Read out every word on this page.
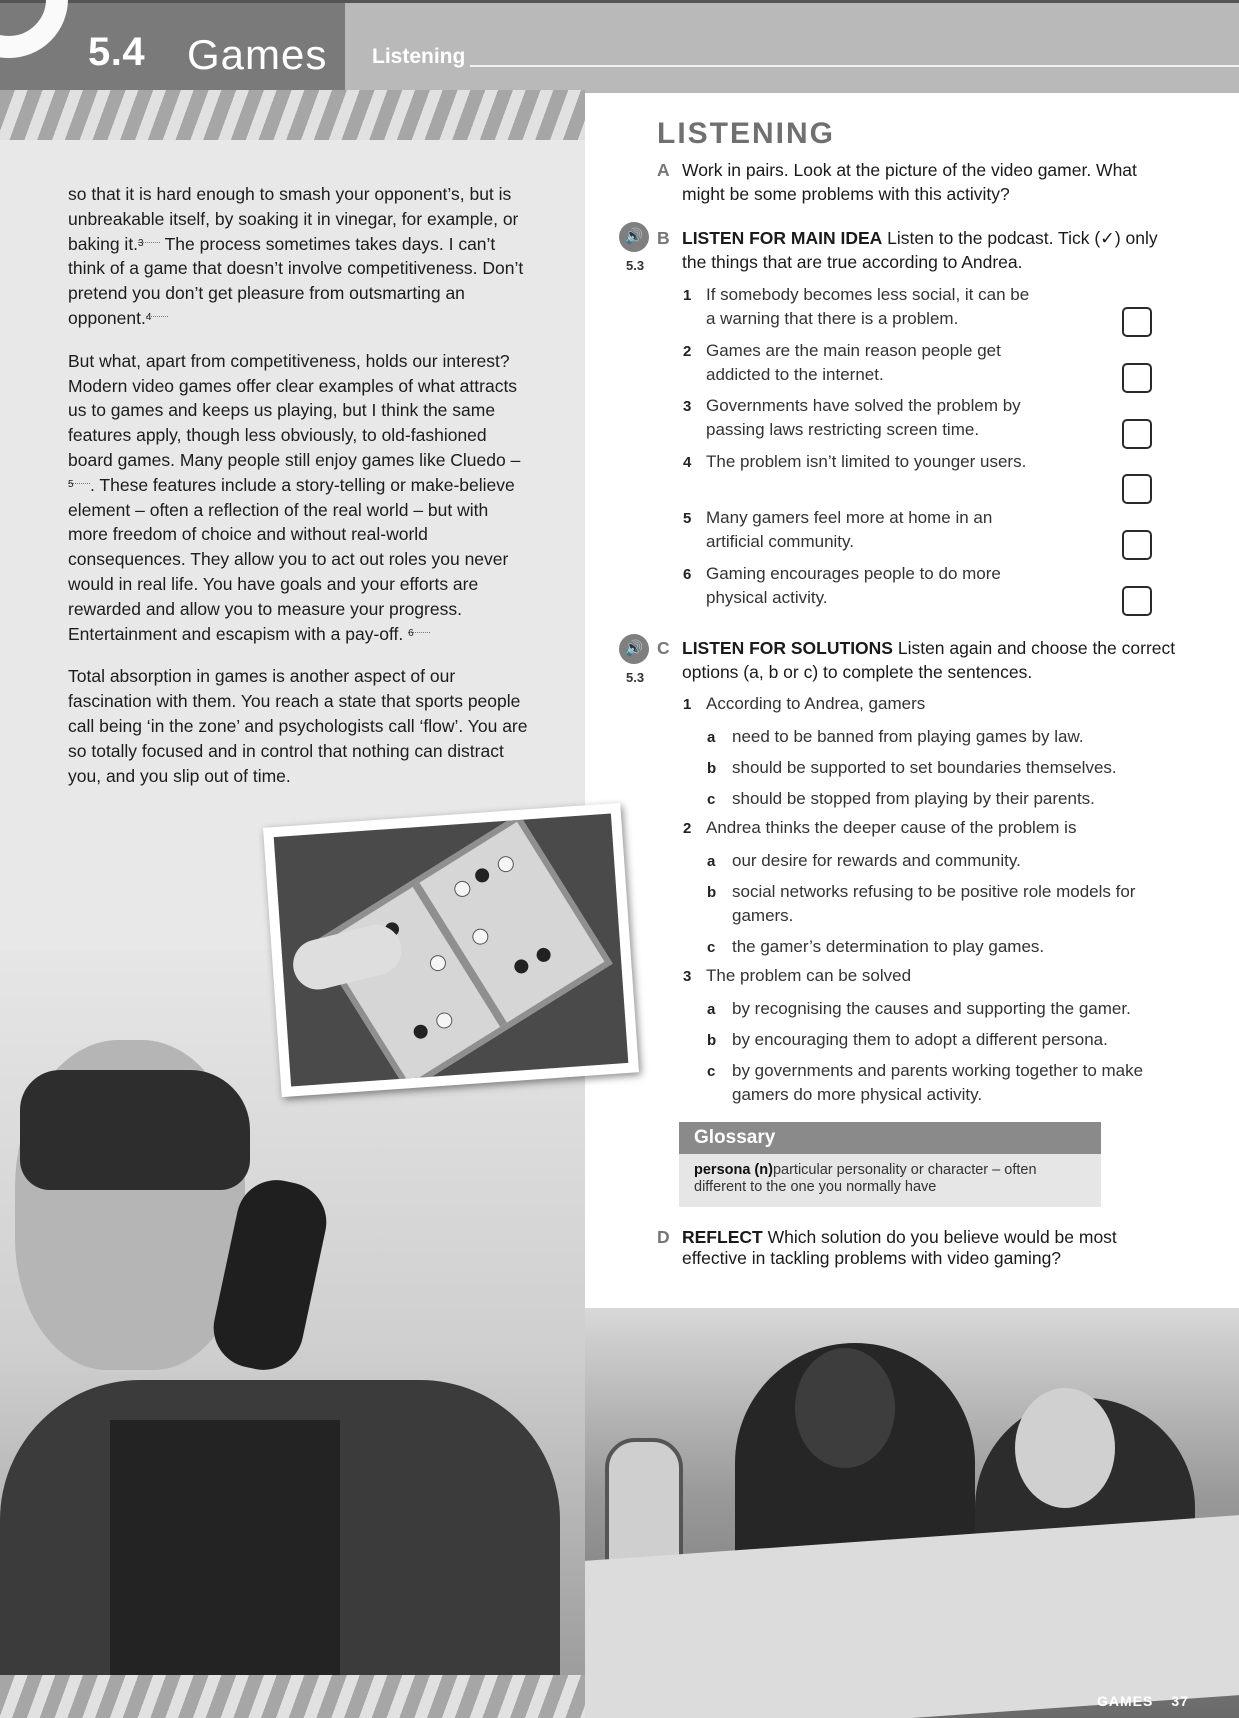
5.4 Games Listening

so that it is hard enough to smash your opponent’s, but is unbreakable itself, by soaking it in vinegar, for example, or baking it.$^3$ The process sometimes takes days. I can’t think of a game that doesn’t involve competitiveness. Don’t pretend you don’t get pleasure from outsmarting an opponent.$^4$

But what, apart from competitiveness, holds our interest? Modern video games offer clear examples of what attracts us to games and keeps us playing, but I think the same features apply, though less obviously, to old-fashioned board games. Many people still enjoy games like Cluedo –$^5$ . These features include a story-telling or make-believe element – often a reflection of the real world – but with more freedom of choice and without real-world consequences. They allow you to act out roles you never would in real life. You have goals and your efforts are rewarded and allow you to measure your progress. Entertainment and escapism with a pay-off. $^6$

Total absorption in games is another aspect of our fascination with them. You reach a state that sports people call being ‘in the zone’ and psychologists call ‘flow’. You are so totally focused and in control that nothing can distract you, and you slip out of time.

LISTENING
A Work in pairs. Look at the picture of the video gamer. What might be some problems with this activity?
🔊
5.3
B LISTEN FOR MAIN IDEA Listen to the podcast. Tick (✓) only the things that are true according to Andrea.
1 If somebody becomes less social, it can be a warning that there is a problem.
2 Games are the main reason people get addicted to the internet.
3 Governments have solved the problem by passing laws restricting screen time.
4 The problem isn’t limited to younger users.
5 Many gamers feel more at home in an artificial community.
6 Gaming encourages people to do more physical activity.
🔊
5.3
C LISTEN FOR SOLUTIONS Listen again and choose the correct options (a, b or c) to complete the sentences.
1 According to Andrea, gamers
a need to be banned from playing games by law.
b should be supported to set boundaries themselves.
c should be stopped from playing by their parents.
2 Andrea thinks the deeper cause of the problem is
a our desire for rewards and community.
b social networks refusing to be positive role models for gamers.
c the gamer’s determination to play games.
3 The problem can be solved
a by recognising the causes and supporting the gamer.
b by encouraging them to adopt a different persona.
c by governments and parents working together to make gamers do more physical activity.
Glossary
persona (n)particular personality or character – often different to the one you normally have
D REFLECT Which solution do you believe would be most effective in tackling problems with video gaming?
GAMES 37
